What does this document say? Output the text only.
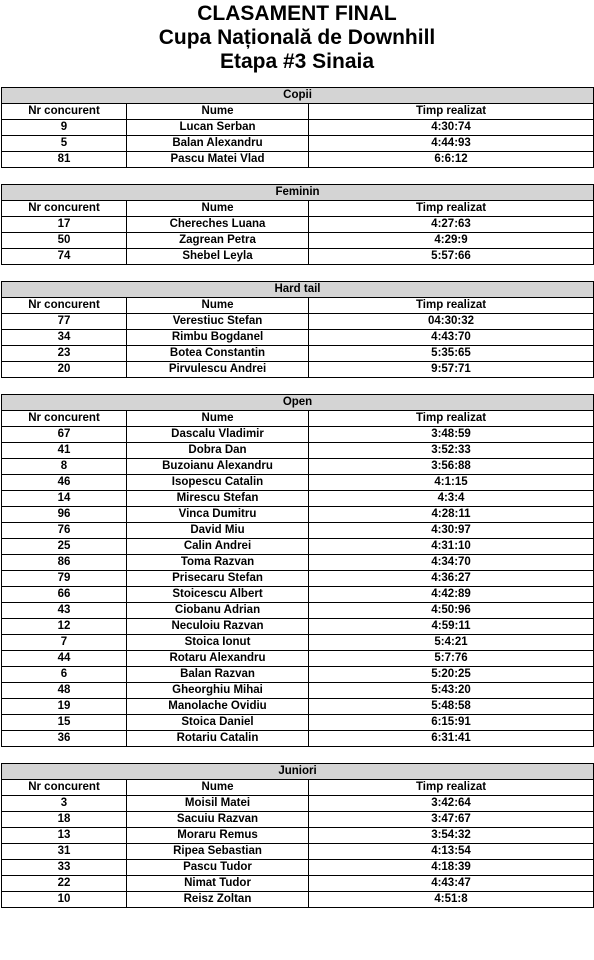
CLASAMENT FINAL
Cupa Națională de Downhill
Etapa #3 Sinaia
Copii		
Nr concurent	Nume	Timp realizat
9	Lucan Serban	4:30:74
5	Balan Alexandru	4:44:93
81	Pascu Matei Vlad	6:6:12
Feminin		
Nr concurent	Nume	Timp realizat
17	Chereches Luana	4:27:63
50	Zagrean Petra	4:29:9
74	Shebel Leyla	5:57:66
Hard tail		
Nr concurent	Nume	Timp realizat
77	Verestiuc Stefan	04:30:32
34	Rimbu Bogdanel	4:43:70
23	Botea Constantin	5:35:65
20	Pirvulescu Andrei	9:57:71
Open		
Nr concurent	Nume	Timp realizat
67	Dascalu Vladimir	3:48:59
41	Dobra Dan	3:52:33
8	Buzoianu Alexandru	3:56:88
46	Isopescu Catalin	4:1:15
14	Mirescu Stefan	4:3:4
96	Vinca Dumitru	4:28:11
76	David Miu	4:30:97
25	Calin Andrei	4:31:10
86	Toma Razvan	4:34:70
79	Prisecaru Stefan	4:36:27
66	Stoicescu Albert	4:42:89
43	Ciobanu Adrian	4:50:96
12	Neculoiu Razvan	4:59:11
7	Stoica Ionut	5:4:21
44	Rotaru Alexandru	5:7:76
6	Balan Razvan	5:20:25
48	Gheorghiu Mihai	5:43:20
19	Manolache Ovidiu	5:48:58
15	Stoica Daniel	6:15:91
36	Rotariu Catalin	6:31:41
Juniori		
Nr concurent	Nume	Timp realizat
3	Moisil Matei	3:42:64
18	Sacuiu Razvan	3:47:67
13	Moraru Remus	3:54:32
31	Ripea Sebastian	4:13:54
33	Pascu Tudor	4:18:39
22	Nimat Tudor	4:43:47
10	Reisz Zoltan	4:51:8
